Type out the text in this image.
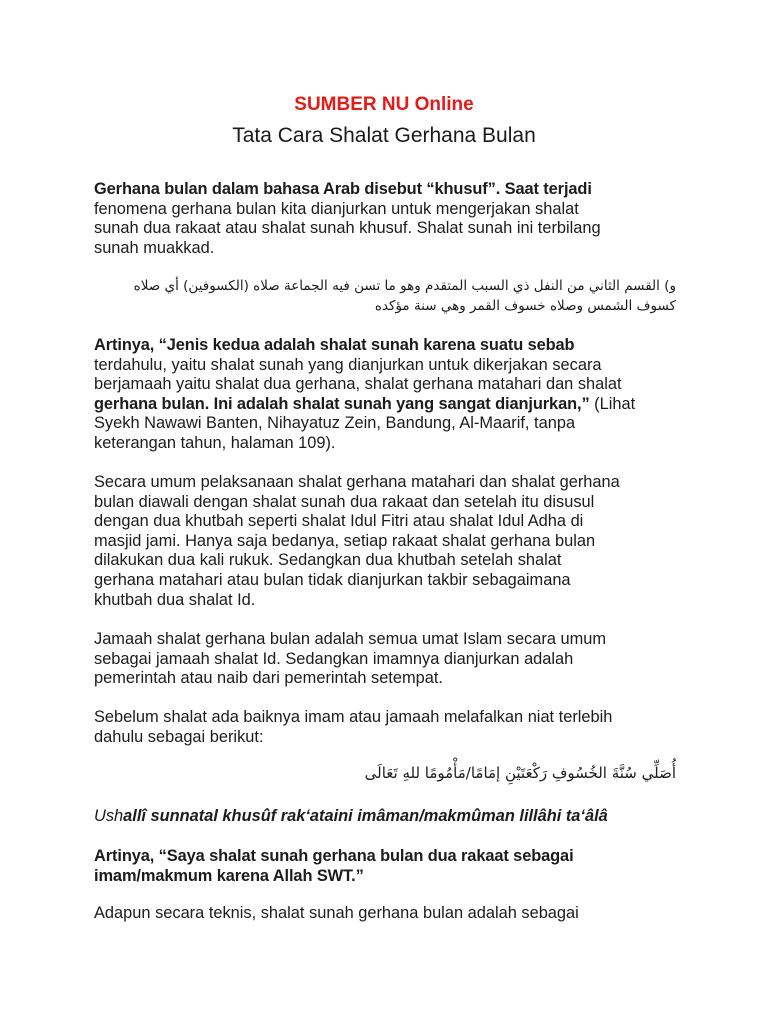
SUMBER NU Online
Tata Cara Shalat Gerhana Bulan

Gerhana bulan dalam bahasa Arab disebut “khusuf”. Saat terjadi
fenomena gerhana bulan kita dianjurkan untuk mengerjakan shalat
sunah dua rakaat atau shalat sunah khusuf. Shalat sunah ini terbilang
sunah muakkad.

و) القسم الثاني من النفل ذي السبب المتقدم وهو ما تسن فيه الجماعة صلاه (الكسوفين) أي صلاه
كسوف الشمس وصلاه خسوف القمر وهي سنة مؤكده

Artinya, “Jenis kedua adalah shalat sunah karena suatu sebab
terdahulu, yaitu shalat sunah yang dianjurkan untuk dikerjakan secara
berjamaah yaitu shalat dua gerhana, shalat gerhana matahari dan shalat
gerhana bulan. Ini adalah shalat sunah yang sangat dianjurkan,” (Lihat
Syekh Nawawi Banten, Nihayatuz Zein, Bandung, Al-Maarif, tanpa
keterangan tahun, halaman 109).

Secara umum pelaksanaan shalat gerhana matahari dan shalat gerhana
bulan diawali dengan shalat sunah dua rakaat dan setelah itu disusul
dengan dua khutbah seperti shalat Idul Fitri atau shalat Idul Adha di
masjid jami. Hanya saja bedanya, setiap rakaat shalat gerhana bulan
dilakukan dua kali rukuk. Sedangkan dua khutbah setelah shalat
gerhana matahari atau bulan tidak dianjurkan takbir sebagaimana
khutbah dua shalat Id.

Jamaah shalat gerhana bulan adalah semua umat Islam secara umum
sebagai jamaah shalat Id. Sedangkan imamnya dianjurkan adalah
pemerintah atau naib dari pemerintah setempat.

Sebelum shalat ada baiknya imam atau jamaah melafalkan niat terlebih
dahulu sebagai berikut:

أُصَلِّي سُنَّةَ الخُسُوفِ رَكْعَتَيْنِ إمَامًا/مَأْمُومًا للهِ تَعَالَى

Ushallî sunnatal khusûf rak‘ataini imâman/makmûman lillâhi ta‘âlâ

Artinya, “Saya shalat sunah gerhana bulan dua rakaat sebagai
imam/makmum karena Allah SWT.”

Adapun secara teknis, shalat sunah gerhana bulan adalah sebagai
